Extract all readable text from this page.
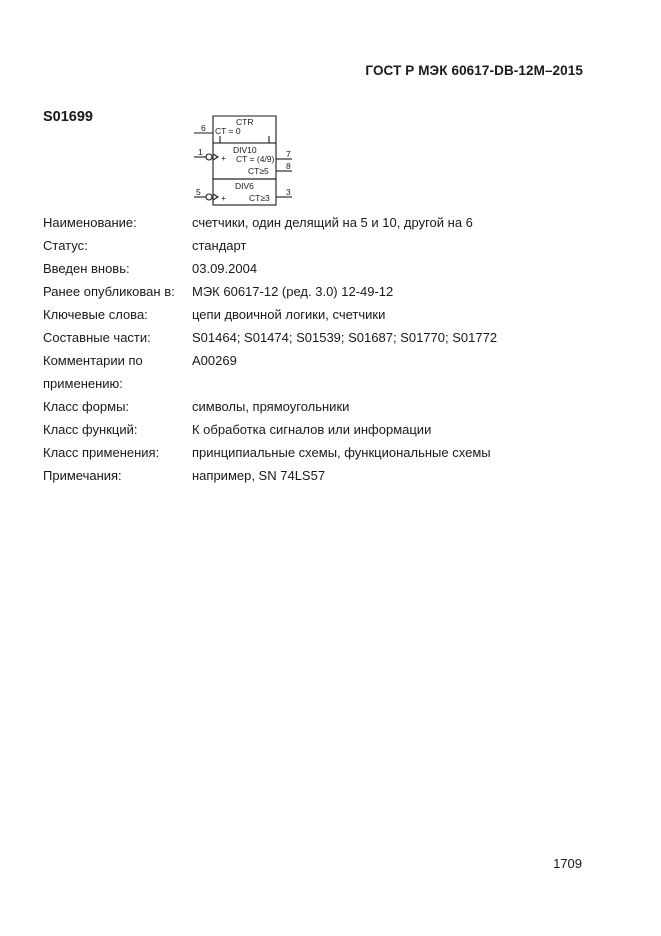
ГОСТ Р МЭК 60617-DB-12M–2015
S01699	CTR
CT = 0
6
DIV10
+ CT = (4/9)
CT≥5
1	7
8
DIV6
+	CT≥3
5	3
Наименование:	счетчики, один делящий на 5 и 10, другой на 6
Статус:	стандарт
Введен вновь:	03.09.2004
Ранее опубликован в:	МЭК 60617-12 (ред. 3.0) 12-49-12
Ключевые слова:	цепи двоичной логики, счетчики
Составные части:	S01464; S01474; S01539; S01687; S01770; S01772
Комментарии по	A00269
применению:
Класс формы:	символы, прямоугольники
Класс функций:	К обработка сигналов или информации
Класс применения:	принципиальные схемы, функциональные схемы
Примечания:	например, SN 74LS57
1709
